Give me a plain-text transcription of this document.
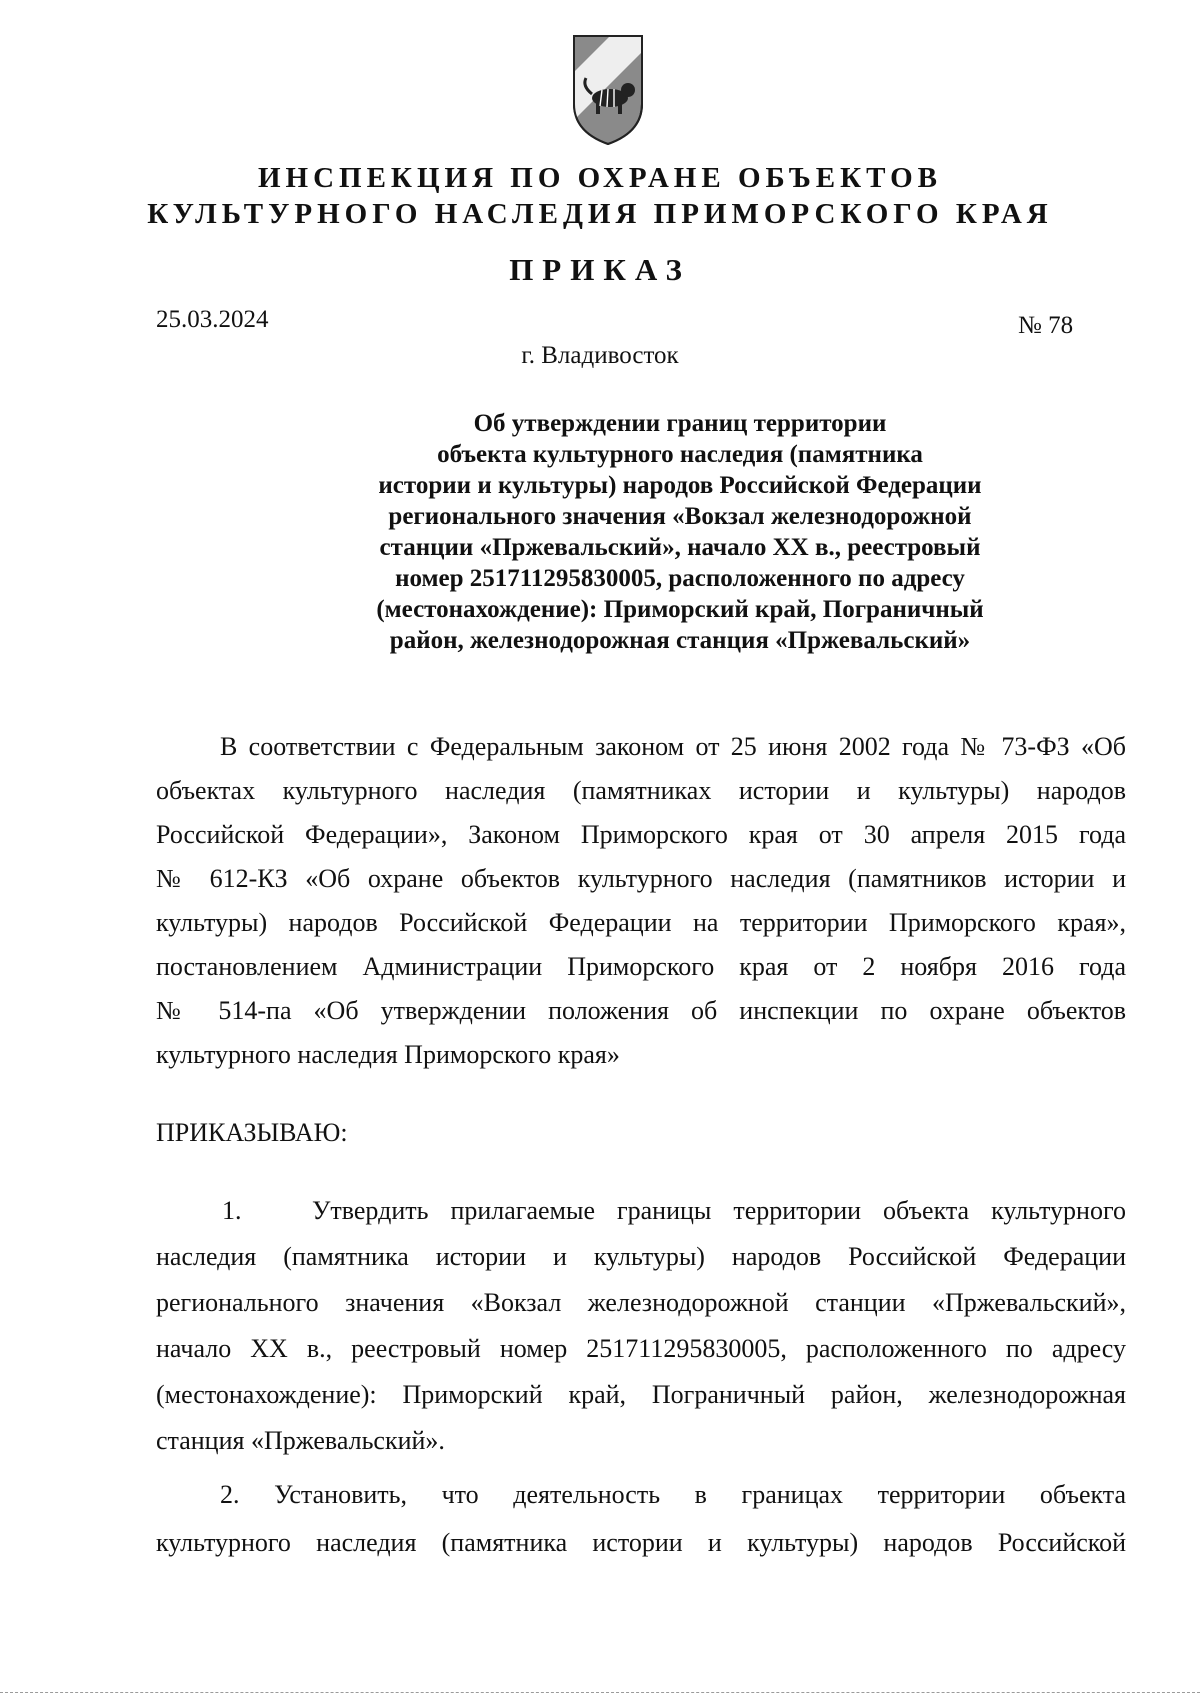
ИНСПЕКЦИЯ ПО ОХРАНЕ ОБЪЕКТОВ
КУЛЬТУРНОГО НАСЛЕДИЯ ПРИМОРСКОГО КРАЯ
ПРИКАЗ
25.03.2024	№ 78
г. Владивосток
Об утверждении границ территории
объекта культурного наследия (памятника
истории и культуры) народов Российской Федерации
регионального значения «Вокзал железнодорожной
станции «Пржевальский», начало XX в., реестровый
номер 251711295830005, расположенного по адресу
(местонахождение): Приморский край, Пограничный
район, железнодорожная станция «Пржевальский»
В соответствии с Федеральным законом от 25 июня 2002 года № 73-ФЗ «Об
объектах культурного наследия (памятниках истории и культуры) народов
Российской Федерации», Законом Приморского края от 30 апреля 2015 года
№ 612-КЗ «Об охране объектов культурного наследия (памятников истории и
культуры) народов Российской Федерации на территории Приморского края»,
постановлением Администрации Приморского края от 2 ноября 2016 года
№ 514-па «Об утверждении положения об инспекции по охране объектов
культурного наследия Приморского края»
ПРИКАЗЫВАЮ:
1.	Утвердить прилагаемые границы территории объекта культурного
наследия (памятника истории и культуры) народов Российской Федерации
регионального значения «Вокзал железнодорожной станции «Пржевальский»,
начало XX в., реестровый номер 251711295830005, расположенного по адресу
(местонахождение): Приморский край, Пограничный район, железнодорожная
станция «Пржевальский».
2. Установить, что деятельность в границах территории объекта
культурного наследия (памятника истории и культуры) народов Российской
